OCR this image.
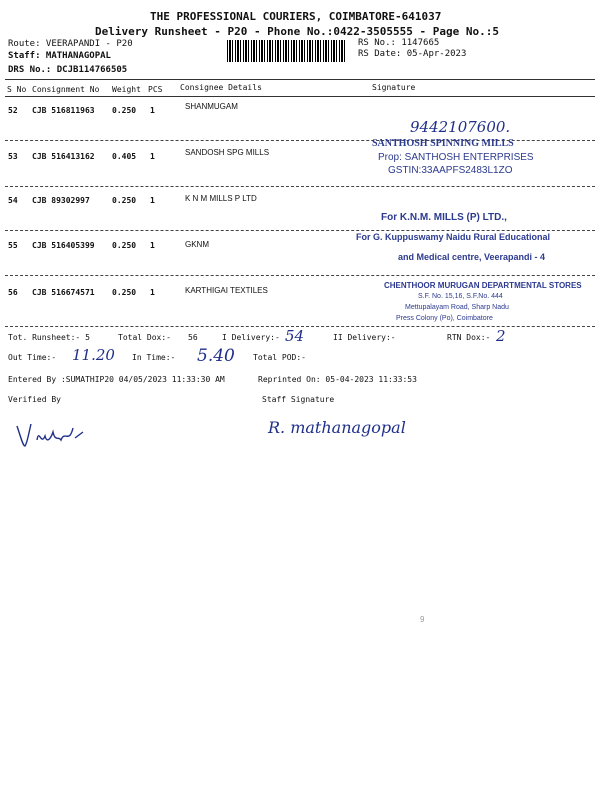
THE PROFESSIONAL COURIERS, COIMBATORE-641037
Delivery Runsheet - P20 - Phone No.:0422-3505555 - Page No.:5
Route: VEERAPANDI - P20
Staff: MATHANAGOPAL
DRS No.: DCJB114766505
RS No.: 1147665
RS Date: 05-Apr-2023
S No Consignment No Weight PCS Consignee Details	Signature
52 CJB 516811963 0.250 1	SHANMUGAM
9442107600.
53 CJB 516413162 0.405 1	SANDOSH SPG MILLS
SANTHOSH SPINNING MILLS
Prop: SANTHOSH ENTERPRISES
GSTIN:33AAPFS2483L1ZO
54 CJB 89302997	0.250 1	K N M MILLS P LTD
For K.N.M. MILLS (P) LTD.,
55 CJB 516405399 0.250 1	GKNM
For G. Kuppuswamy Naidu Rural Educational
and Medical centre, Veerapandi - 4
56 CJB 516674571 0.250 1	KARTHIGAI TEXTILES
CHENTHOOR MURUGAN DEPARTMENTAL STORES
S.F. No. 15,16, S.F.No. 444
Mettupalayam Road, Sharp Nadu
Press Colony (Po), Coimbatore
Tot. Runsheet:- 5	Total Dox:- 56	I Delivery:- 54	II Delivery:-	RTN Dox:- 2
Out Time:- 11.20 In Time:- 5.40 Total POD:-
Entered By :SUMATHIP20 04/05/2023 11:33:30 AM	Reprinted On: 05-04-2023 11:33:53
Verified By	Staff Signature
R. mathanagopal
9
